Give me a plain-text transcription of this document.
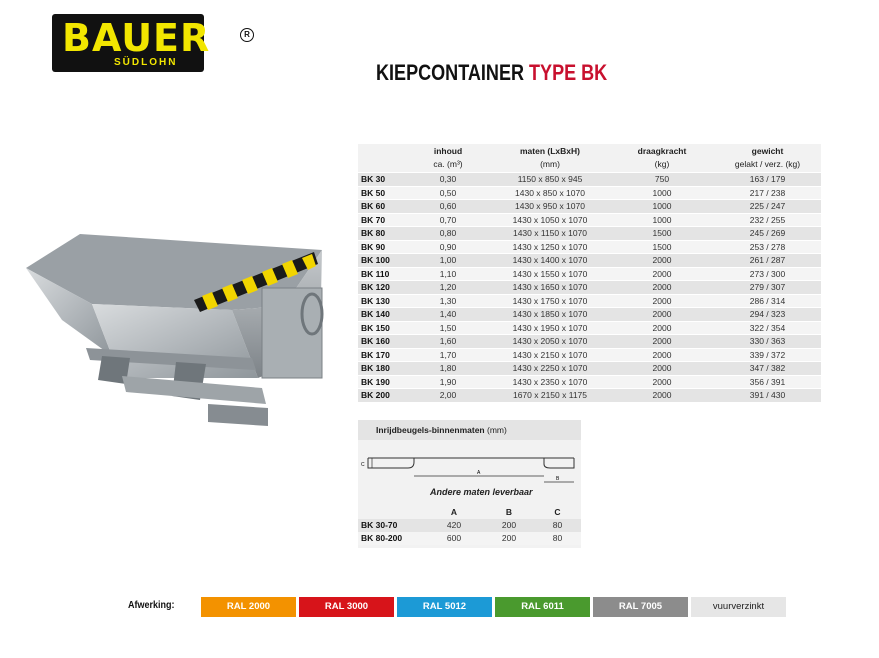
BAUER
SÜDLOHN
R
KIEPCONTAINER TYPE BK
	inhoud	maten (LxBxH)	draagkracht	gewicht
	ca. (m³)	(mm)	(kg)	gelakt / verz. (kg)
BK 30	0,30	1150 x 850 x 945	750	163 / 179
BK 50	0,50	1430 x 850 x 1070	1000	217 / 238
BK 60	0,60	1430 x 950 x 1070	1000	225 / 247
BK 70	0,70	1430 x 1050 x 1070	1000	232 / 255
BK 80	0,80	1430 x 1150 x 1070	1500	245 / 269
BK 90	0,90	1430 x 1250 x 1070	1500	253 / 278
BK 100	1,00	1430 x 1400 x 1070	2000	261 / 287
BK 110	1,10	1430 x 1550 x 1070	2000	273 / 300
BK 120	1,20	1430 x 1650 x 1070	2000	279 / 307
BK 130	1,30	1430 x 1750 x 1070	2000	286 / 314
BK 140	1,40	1430 x 1850 x 1070	2000	294 / 323
BK 150	1,50	1430 x 1950 x 1070	2000	322 / 354
BK 160	1,60	1430 x 2050 x 1070	2000	330 / 363
BK 170	1,70	1430 x 2150 x 1070	2000	339 / 372
BK 180	1,80	1430 x 2250 x 1070	2000	347 / 382
BK 190	1,90	1430 x 2350 x 1070	2000	356 / 391
BK 200	2,00	1670 x 2150 x 1175	2000	391 / 430
Inrijdbeugels-binnenmaten (mm)
C
A
B
Andere maten leverbaar
	A	B	C
BK 30-70	420	200	80
BK 80-200	600	200	80
Afwerking:	RAL 2000	RAL 3000	RAL 5012	RAL 6011	RAL 7005	vuurverzinkt
